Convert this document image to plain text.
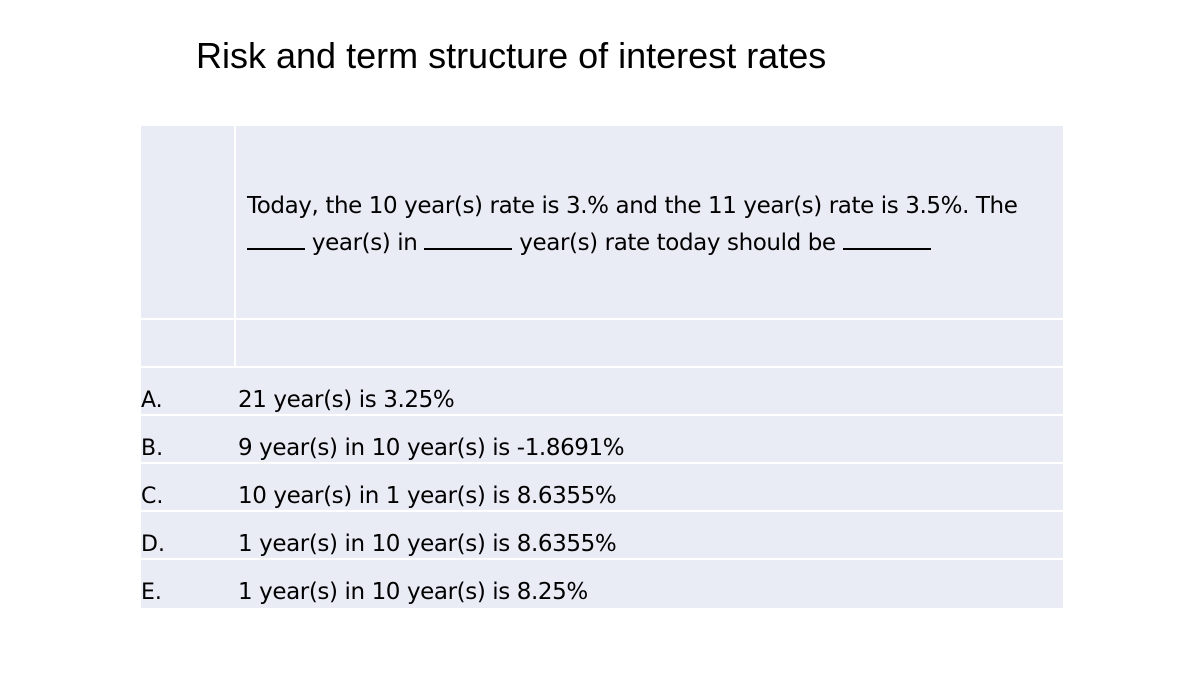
Risk and term structure of interest rates
Today, the 10 year(s) rate is 3.% and the 11 year(s) rate is 3.5%. The
year(s) in	year(s) rate today should be
A.	21 year(s) is 3.25%
B.	9 year(s) in 10 year(s) is -1.8691%
C.	10 year(s) in 1 year(s) is 8.6355%
D.	1 year(s) in 10 year(s) is 8.6355%
E.	1 year(s) in 10 year(s) is 8.25%
